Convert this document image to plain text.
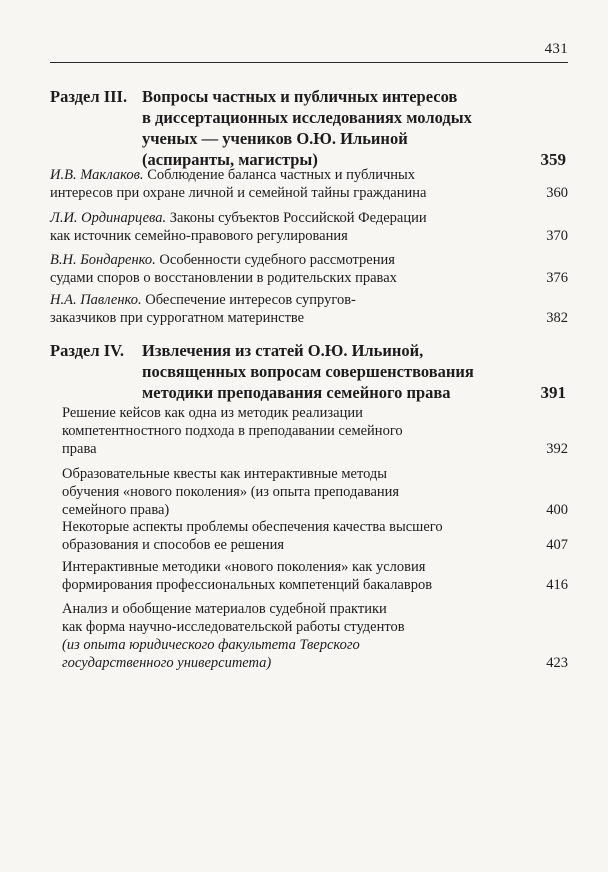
431
Раздел III. Вопросы частных и публичных интересов
в диссертационных исследованиях молодых
ученых — учеников О.Ю. Ильиной
(аспиранты, магистры)	359
И.В. Маклаков. Соблюдение баланса частных и публичных
интересов при охране личной и семейной тайны гражданина	360
Л.И. Ординарцева. Законы субъектов Российской Федерации
как источник семейно-правового регулирования	370
В.Н. Бондаренко. Особенности судебного рассмотрения
судами споров о восстановлении в родительских правах	376
Н.А. Павленко. Обеспечение интересов супругов-
заказчиков при суррогатном материнстве	382
Раздел IV.	Извлечения из статей О.Ю. Ильиной,
посвященных вопросам совершенствования
методики преподавания семейного права	391
Решение кейсов как одна из методик реализации
компетентностного подхода в преподавании семейного
права	392
Образовательные квесты как интерактивные методы
обучения «нового поколения» (из опыта преподавания
семейного права)	400
Некоторые аспекты проблемы обеспечения качества высшего
образования и способов ее решения	407
Интерактивные методики «нового поколения» как условия
формирования профессиональных компетенций бакалавров	416
Анализ и обобщение материалов судебной практики
как форма научно-исследовательской работы студентов
(из опыта юридического факультета Тверского
государственного университета)	423
